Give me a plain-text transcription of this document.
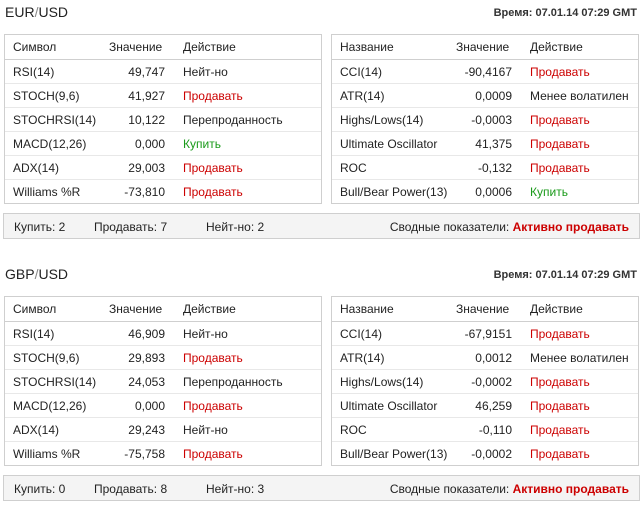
EUR/USD	Время: 07.01.14 07:29 GMT
Символ	Значение	Действие
RSI(14)	49,747	Нейт-но
STOCH(9,6)	41,927	Продавать
STOCHRSI(14)	10,122	Перепроданность
MACD(12,26)	0,000	Купить
ADX(14)	29,003	Продавать
Williams %R	-73,810	Продавать
Название	Значение	Действие
CCI(14)	-90,4167	Продавать
ATR(14)	0,0009	Менее волатилен
Highs/Lows(14)	-0,0003	Продавать
Ultimate Oscillator	41,375	Продавать
ROC	-0,132	Продавать
Bull/Bear Power(13)	0,0006	Купить
Купить: 2 Продавать: 7	Нейт-но: 2	Сводные показатели: Активно продавать
GBP/USD	Время: 07.01.14 07:29 GMT
Символ	Значение	Действие
RSI(14)	46,909	Нейт-но
STOCH(9,6)	29,893	Продавать
STOCHRSI(14)	24,053	Перепроданность
MACD(12,26)	0,000	Продавать
ADX(14)	29,243	Нейт-но
Williams %R	-75,758	Продавать
Название	Значение	Действие
CCI(14)	-67,9151	Продавать
ATR(14)	0,0012	Менее волатилен
Highs/Lows(14)	-0,0002	Продавать
Ultimate Oscillator	46,259	Продавать
ROC	-0,110	Продавать
Bull/Bear Power(13)	-0,0002	Продавать
Купить: 0 Продавать: 8	Нейт-но: 3	Сводные показатели: Активно продавать
